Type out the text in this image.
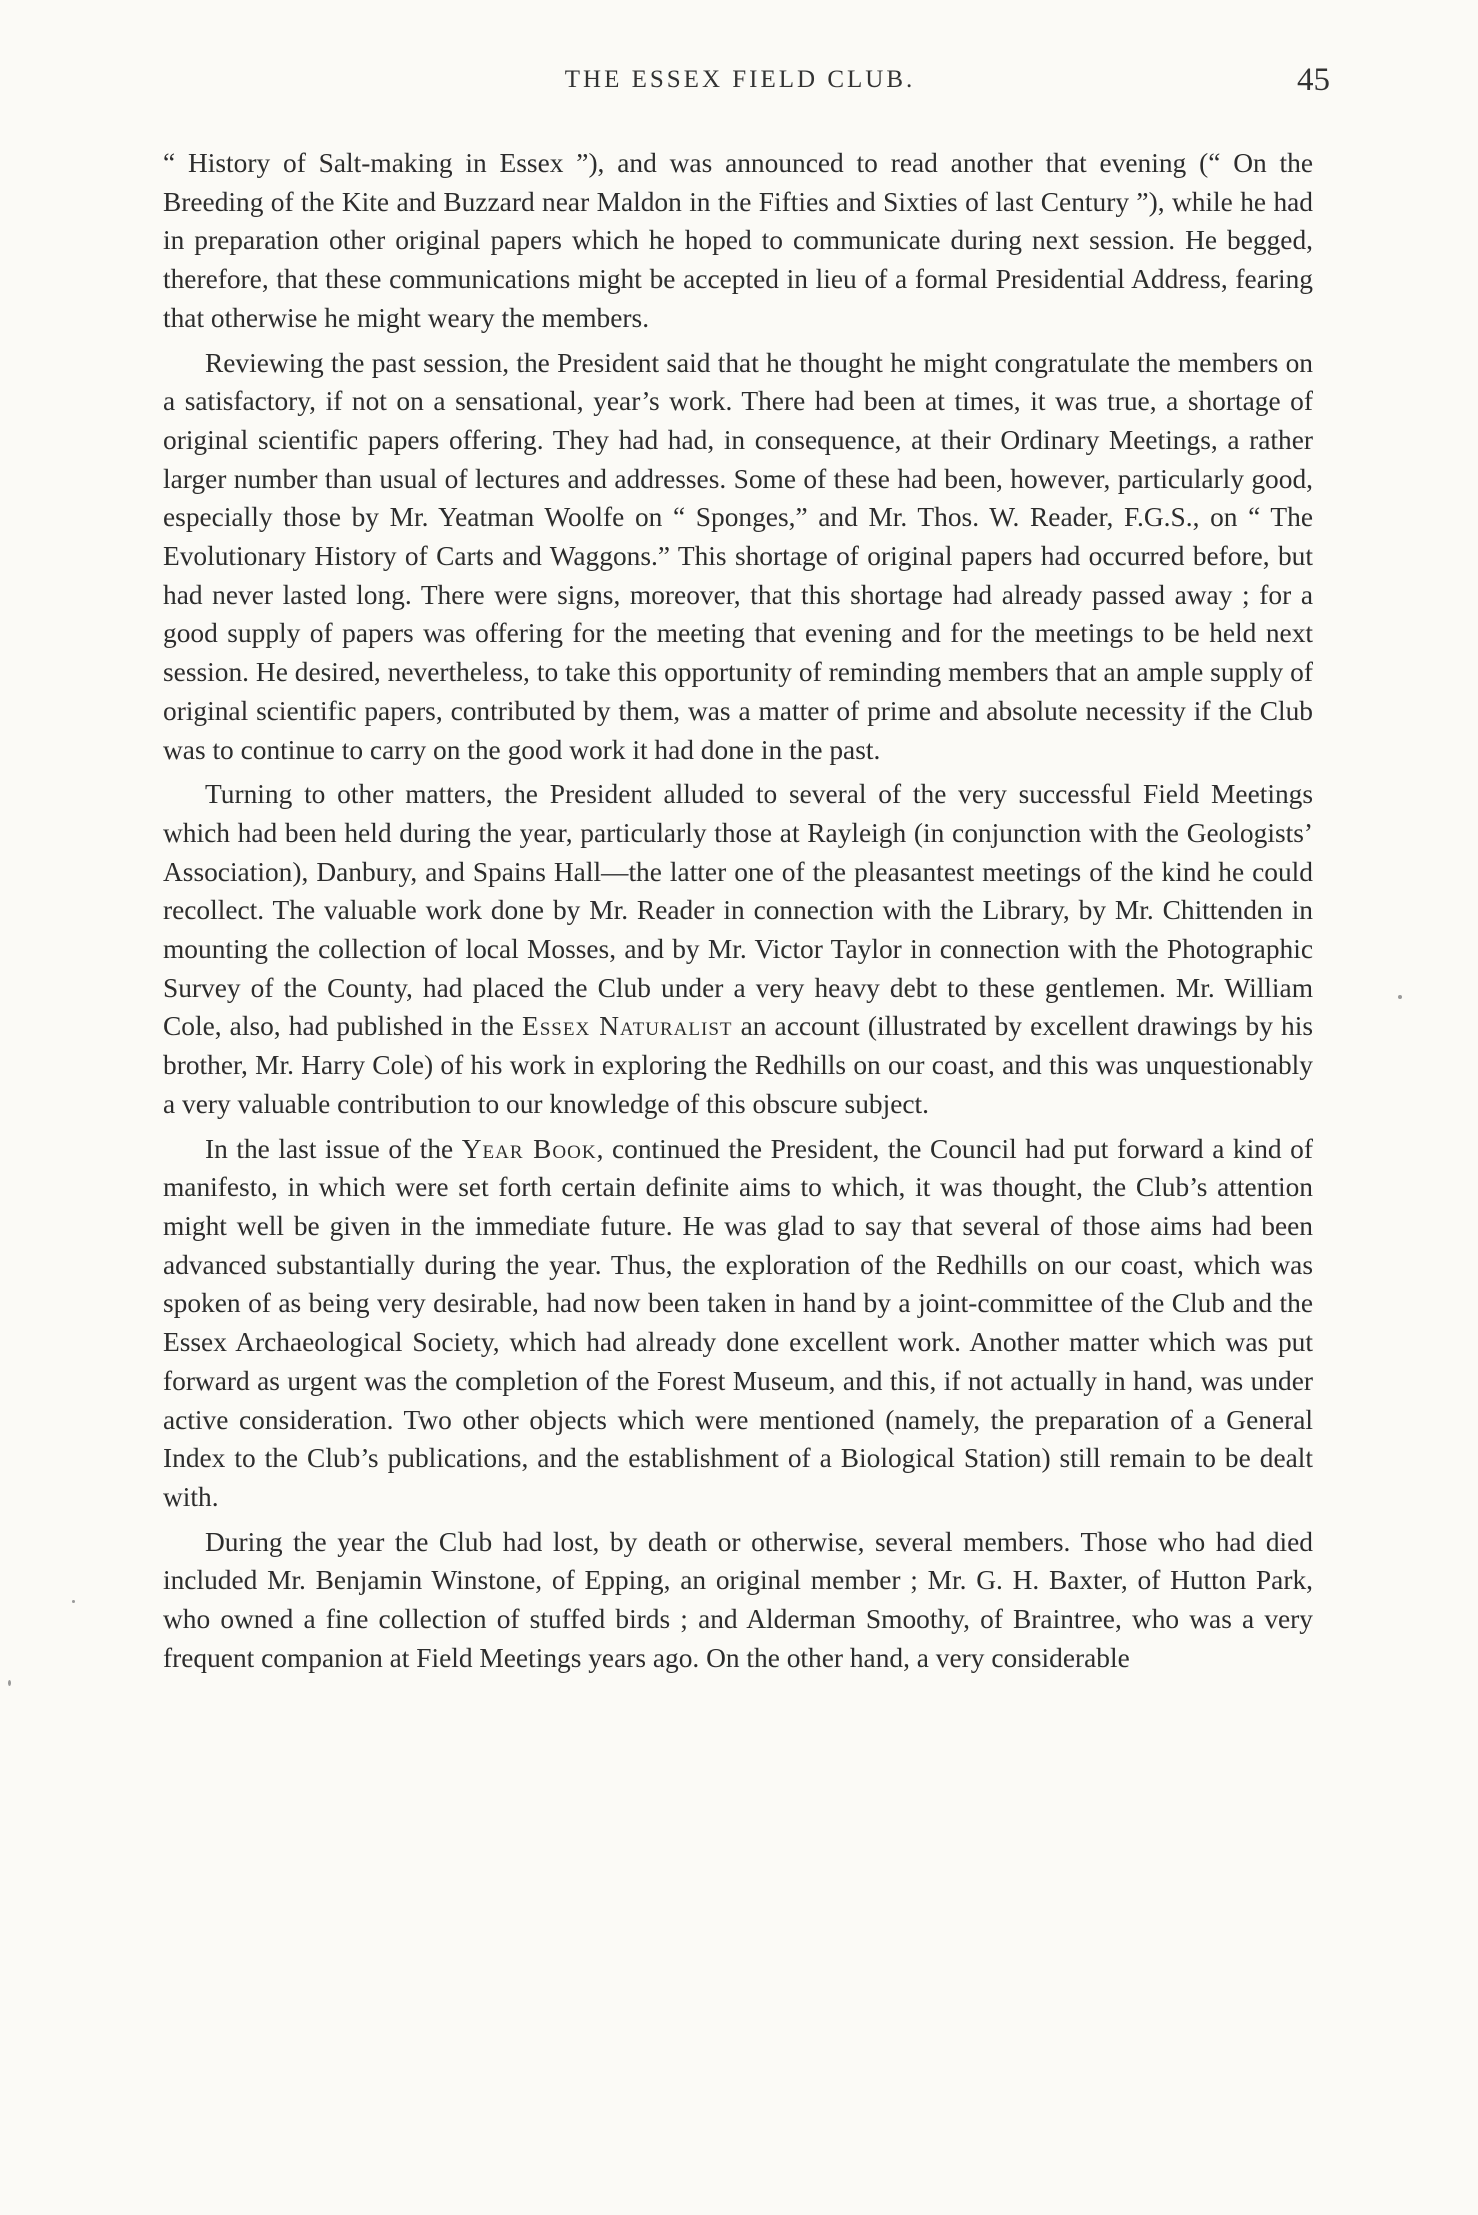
THE ESSEX FIELD CLUB.	45

“ History of Salt-making in Essex ”), and was announced to read another that evening (“ On the Breeding of the Kite and Buzzard near Maldon in the Fifties and Sixties of last Century ”), while he had in preparation other original papers which he hoped to communicate during next session. He begged, therefore, that these communications might be accepted in lieu of a formal Presidential Address, fearing that otherwise he might weary the members.

Reviewing the past session, the President said that he thought he might congratulate the members on a satisfactory, if not on a sensational, year’s work. There had been at times, it was true, a shortage of original scientific papers offering. They had had, in consequence, at their Ordinary Meetings, a rather larger number than usual of lectures and addresses. Some of these had been, however, particularly good, especially those by Mr. Yeatman Woolfe on “ Sponges,” and Mr. Thos. W. Reader, F.G.S., on “ The Evolutionary History of Carts and Waggons.” This shortage of original papers had occurred before, but had never lasted long. There were signs, moreover, that this shortage had already passed away ; for a good supply of papers was offering for the meeting that evening and for the meetings to be held next session. He desired, nevertheless, to take this opportunity of reminding members that an ample supply of original scientific papers, contributed by them, was a matter of prime and absolute necessity if the Club was to continue to carry on the good work it had done in the past.

Turning to other matters, the President alluded to several of the very successful Field Meetings which had been held during the year, particularly those at Rayleigh (in conjunction with the Geologists’ Association), Danbury, and Spains Hall—the latter one of the pleasantest meetings of the kind he could recollect. The valuable work done by Mr. Reader in connection with the Library, by Mr. Chittenden in mounting the collection of local Mosses, and by Mr. Victor Taylor in connection with the Photographic Survey of the County, had placed the Club under a very heavy debt to these gentlemen. Mr. William Cole, also, had published in the Essex Naturalist an account (illustrated by excellent drawings by his brother, Mr. Harry Cole) of his work in exploring the Redhills on our coast, and this was unquestionably a very valuable contribution to our knowledge of this obscure subject.

In the last issue of the Year Book, continued the President, the Council had put forward a kind of manifesto, in which were set forth certain definite aims to which, it was thought, the Club’s attention might well be given in the immediate future. He was glad to say that several of those aims had been advanced substantially during the year. Thus, the exploration of the Redhills on our coast, which was spoken of as being very desirable, had now been taken in hand by a joint-committee of the Club and the Essex Archaeological Society, which had already done excellent work. Another matter which was put forward as urgent was the completion of the Forest Museum, and this, if not actually in hand, was under active consideration. Two other objects which were mentioned (namely, the preparation of a General Index to the Club’s publications, and the establishment of a Biological Station) still remain to be dealt with.

During the year the Club had lost, by death or otherwise, several members. Those who had died included Mr. Benjamin Winstone, of Epping, an original member ; Mr. G. H. Baxter, of Hutton Park, who owned a fine collection of stuffed birds ; and Alderman Smoothy, of Braintree, who was a very frequent companion at Field Meetings years ago. On the other hand, a very considerable
